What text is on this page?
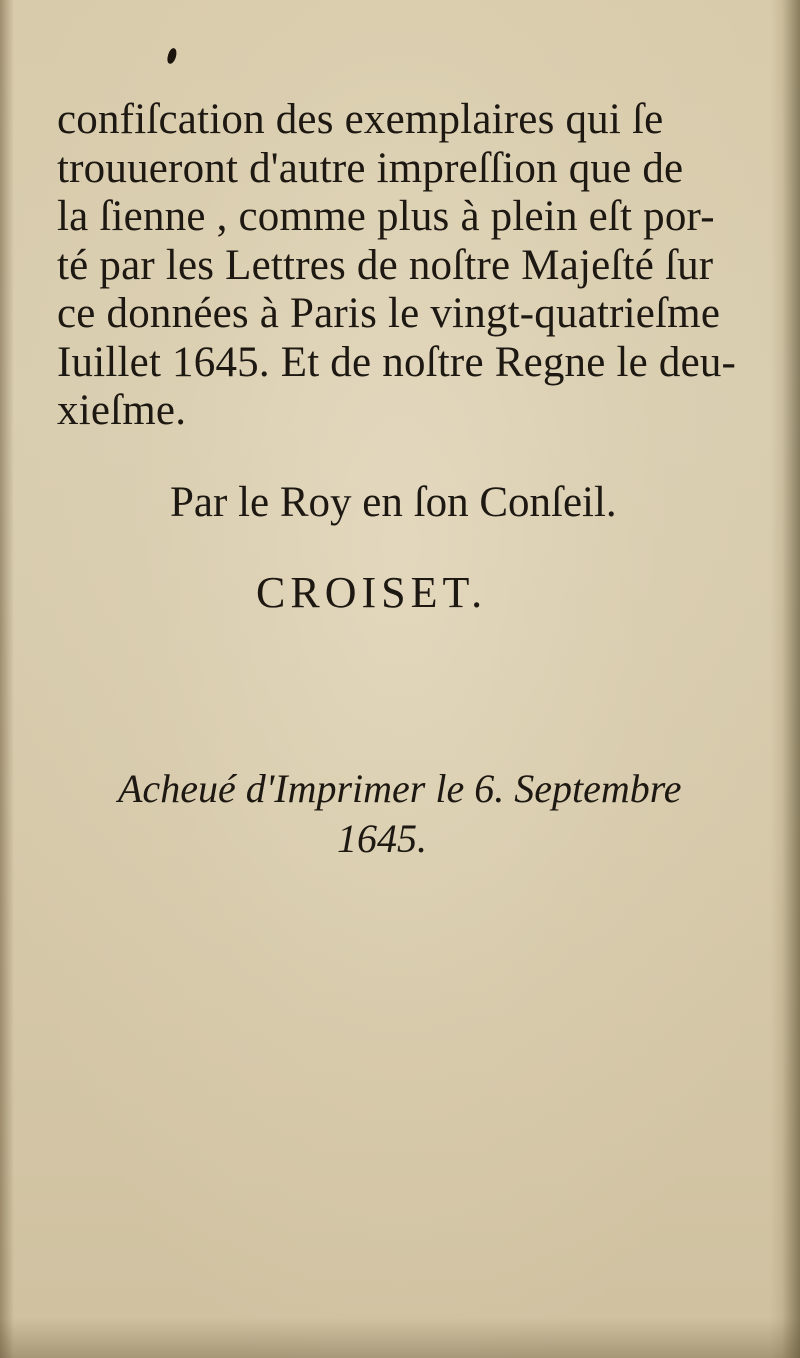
confiſcation des exemplaires qui ſe
trouueront d'autre impreſſion que de
la ſienne , comme plus à plein eſt por-
té par les Lettres de noſtre Majeſté ſur
ce données à Paris le vingt-quatrieſme
Iuillet 1645. Et de noſtre Regne le deu-
xieſme.
Par le Roy en ſon Conſeil.
CROISET.
Acheué d'Imprimer le 6. Septembre
1645.
